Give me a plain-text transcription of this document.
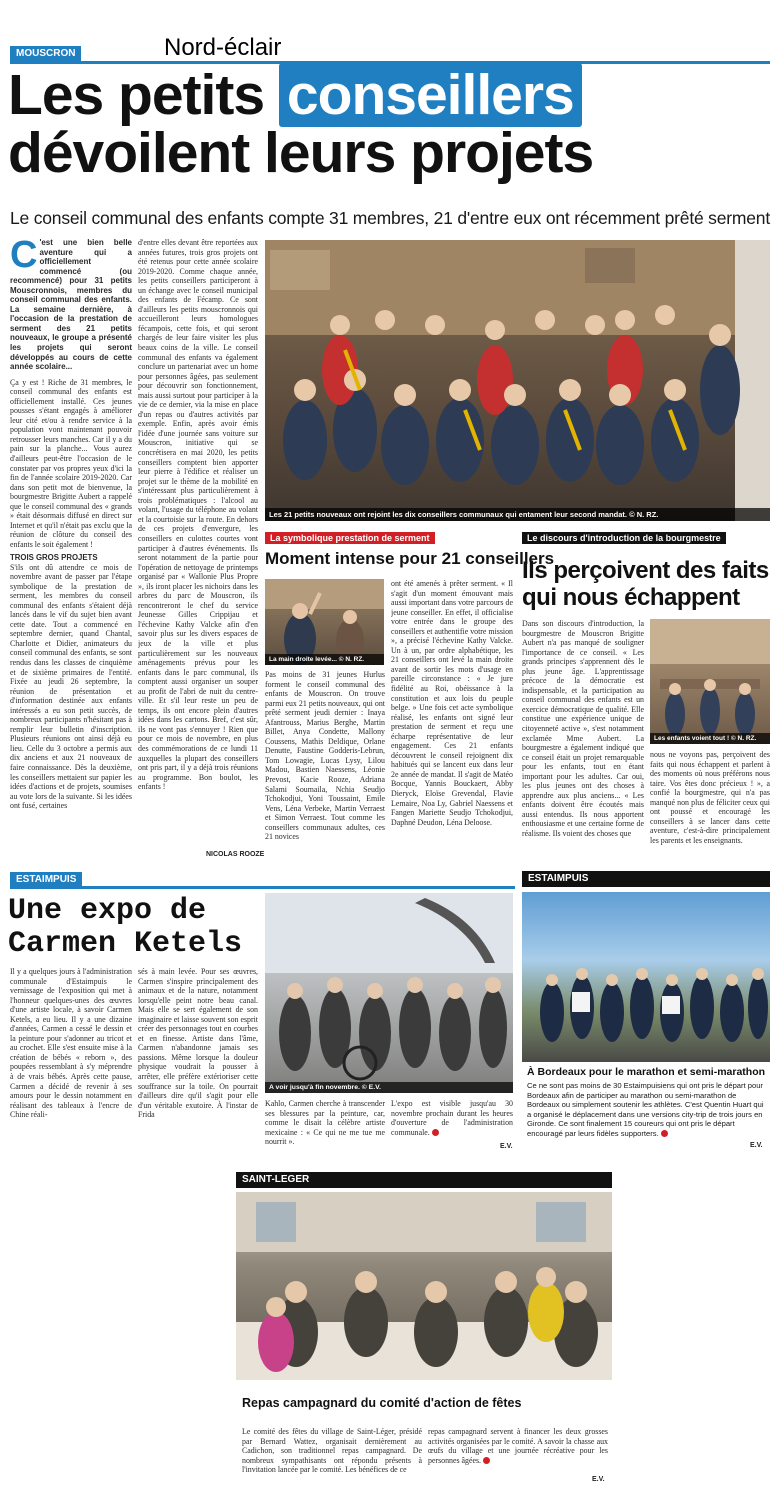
MOUSCRON	Nord-éclair
Les petits conseillers
dévoilent leurs projets
Le conseil communal des enfants compte 31 membres, 21 d'entre eux ont récemment prêté serment

C 'est une bien belle aventure qui a officiellement commencé (ou recommencé) pour 31 petits Mouscronnois, membres du conseil communal des enfants. La semaine dernière, à l'occasion de la prestation de serment des 21 petits nouveaux, le groupe a présenté les projets qui seront développés au cours de cette année scolaire...

Ça y est ! Riche de 31 membres, le conseil communal des enfants est officiellement installé. Ces jeunes pousses s'étant engagés à améliorer leur cité et/ou à rendre service à la population vont maintenant pouvoir retrousser leurs manches. Car il y a du pain sur la planche... Vous aurez d'ailleurs peut-être l'occasion de le constater par vos propres yeux d'ici la fin de l'année scolaire 2019-2020. Car dans son petit mot de bienvenue, la bourgmestre Brigitte Aubert a rappelé que le conseil communal des « grands » était désormais diffusé en direct sur Internet et qu'il n'était pas exclu que la réunion de clôture du conseil des enfants le soit également !

TROIS GROS PROJETS

S'ils ont dû attendre ce mois de novembre avant de passer par l'étape symbolique de la prestation de serment, les membres du conseil communal des enfants s'étaient déjà lancés dans le vif du sujet bien avant cette date. Tout a commencé en septembre dernier, quand Chantal, Charlotte et Didier, animateurs du conseil communal des enfants, se sont rendus dans les classes de cinquième et de sixième primaires de l'entité. Fixée au jeudi 26 septembre, la réunion de présentation et d'information destinée aux enfants intéressés a eu son petit succès, de nombreux participants n'hésitant pas à remplir leur bulletin d'inscription. Plusieurs réunions ont ainsi déjà eu lieu. Celle du 3 octobre a permis aux dix anciens et aux 21 nouveaux de faire connaissance. Dès la deuxième, les conseillers mettaient sur papier les idées d'actions et de projets, soumises au vote lors de la suivante. Si les idées ont fusé, certaines

d'entre elles devant être reportées aux années futures, trois gros projets ont été retenus pour cette année scolaire 2019-2020. Comme chaque année, les petits conseillers participeront à un échange avec le conseil municipal des enfants de Fécamp. Ce sont d'ailleurs les petits mouscronnois qui accueilleront leurs homologues fécampois, cette fois, et qui seront chargés de leur faire visiter les plus beaux coins de la ville. Le conseil communal des enfants va également conclure un partenariat avec un home pour personnes âgées, pas seulement pour découvrir son fonctionnement, mais aussi surtout pour participer à la vie de ce dernier, via la mise en place d'un repas ou d'autres activités par exemple. Enfin, après avoir émis l'idée d'une journée sans voiture sur Mouscron, initiative qui se concrétisera en mai 2020, les petits conseillers comptent bien apporter leur pierre à l'édifice et réaliser un projet sur le thème de la mobilité en s'intéressant plus particulièrement à trois problématiques : l'alcool au volant, l'usage du téléphone au volant et la courtoisie sur la route. En dehors de ces projets d'envergure, les conseillers en culottes courtes vont participer à d'autres événements. Ils seront notamment de la partie pour l'opération de nettoyage de printemps organisé par « Wallonie Plus Propre », ils iront placer les nichoirs dans les arbres du parc de Mouscron, ils rencontreront le chef du service Jeunesse Gilles Crippijau et l'échevine Kathy Valcke afin d'en savoir plus sur les divers espaces de jeux de la ville et plus particulièrement sur les nouveaux aménagements prévus pour les enfants dans le parc communal, ils comptent aussi organiser un souper au profit de l'abri de nuit du centre-ville. Et s'il leur reste un peu de temps, ils ont encore plein d'autres idées dans les cartons. Bref, c'est sûr, ils ne vont pas s'ennuyer ! Rien que pour ce mois de novembre, en plus des commémorations de ce lundi 11 auxquelles la plupart des conseillers ont pris part, il y a déjà trois réunions au programme. Bon boulot, les enfants !

NICOLAS ROOZE
Les 21 petits nouveaux ont rejoint les dix conseillers communaux qui entament leur second mandat. © N. RZ.
La symbolique prestation de serment
Moment intense pour 21 conseillers
La main droite levée... © N. RZ.

Pas moins de 31 jeunes Hurlus forment le conseil communal des enfants de Mouscron. On trouve parmi eux 21 petits nouveaux, qui ont prêté serment jeudi dernier : Inaya Afantrouss, Marius Berghe, Martin Billet, Anya Condette, Mallony Coussens, Mathis Deldique, Orlane Denutte, Faustine Godderis-Lebrun, Tom Lowagie, Lucas Lysy, Lilou Madou, Bastien Naessens, Léonie Prevost, Kacie Rooze, Adriana Salami Soumaila, Nchia Seudjo Tchokodjui, Yoni Toussaint, Emile Vens, Léna Verbeke, Martin Verraest et Simon Verraest. Tout comme les conseillers communaux adultes, ces 21 novices

ont été amenés à prêter serment. « Il s'agit d'un moment émouvant mais aussi important dans votre parcours de jeune conseiller. En effet, il officialise votre entrée dans le groupe des conseillers et authentifie votre mission », a précisé l'échevine Kathy Valcke. Un à un, par ordre alphabétique, les 21 conseillers ont levé la main droite avant de sortir les mots d'usage en pareille circonstance : « Je jure fidélité au Roi, obéissance à la constitution et aux lois du peuple belge. » Une fois cet acte symbolique réalisé, les enfants ont signé leur prestation de serment et reçu une écharpe représentative de leur engagement. Ces 21 enfants découvrent le conseil rejoignent dix habitués qui se lancent eux dans leur 2e année de mandat. Il s'agit de Matéo Bocque, Yannis Bouckaert, Abby Dieryck, Eloïse Grevendal, Flavie Lemaire, Noa Ly, Gabriel Naessens et Fangen Mariette Seudjo Tchokodjui, Daphné Deudon, Léna Deloose.

Le discours d'introduction de la bourgmestre
Ils perçoivent des faits qui nous échappent

Dans son discours d'introduction, la bourgmestre de Mouscron Brigitte Aubert n'a pas manqué de souligner l'importance de ce conseil. « Les grands principes s'apprennent dès le plus jeune âge. L'apprentissage précoce de la démocratie est indispensable, et la participation au conseil communal des enfants est un exercice démocratique de qualité. Elle constitue une expérience unique de citoyenneté active », s'est notamment exclamée Mme Aubert. La bourgmestre a également indiqué que ce conseil était un projet remarquable pour les enfants, tout en étant important pour les adultes. Car oui, les plus jeunes ont des choses à apprendre aux plus anciens... « Les enfants doivent être écoutés mais aussi entendus. Ils nous apportent enthousiasme et une certaine forme de réalisme. Ils voient des choses que

Les enfants voient tout ! © N. RZ.

nous ne voyons pas, perçoivent des faits qui nous échappent et parlent à des moments où nous préférons nous taire. Vos êtes donc précieux ! », a confié la bourgmestre, qui n'a pas manqué non plus de féliciter ceux qui ont poussé et encouragé les conseillers à se lancer dans cette aventure, c'est-à-dire principalement les parents et les enseignants.

ESTAIMPUIS
Une expo de Carmen Ketels

Il y a quelques jours à l'administration communale d'Estaimpuis le vernissage de l'exposition qui met à l'honneur quelques-unes des œuvres d'une artiste locale, à savoir Carmen Ketels, a eu lieu. Il y a une dizaine d'années, Carmen a cessé le dessin et la peinture pour s'adonner au tricot et au crochet. Elle s'est ensuite mise à la création de bébés « reborn », des poupées ressemblant à s'y méprendre à de vrais bébés. Après cette pause, Carmen a décidé de revenir à ses amours pour le dessin notamment en réalisant des tableaux à l'encre de Chine réali-

sés à main levée. Pour ses œuvres, Carmen s'inspire principalement des animaux et de la nature, notamment lorsqu'elle peint notre beau canal. Mais elle se sert également de son imaginaire et laisse souvent son esprit créer des personnages tout en courbes et en finesse. Artiste dans l'âme, Carmen n'abandonne jamais ses passions. Même lorsque la douleur physique voudrait la pousser à arrêter, elle préfère extérioriser cette souffrance sur la toile. On pourrait d'ailleurs dire qu'il s'agit pour elle d'un véritable exutoire. À l'instar de Frida

A voir jusqu'à fin novembre. © E.V.

Kahlo, Carmen cherche à transcender ses blessures par la peinture, car, comme le disait la célèbre artiste mexicaine : « Ce qui ne me tue me nourrit ».

L'expo est visible jusqu'au 30 novembre prochain durant les heures d'ouverture de l'administration communale.

E.V.
ESTAIMPUIS
À Bordeaux pour le marathon et semi-marathon
Ce ne sont pas moins de 30 Estaimpuisiens qui ont pris le départ pour Bordeaux afin de participer au marathon ou semi-marathon de Bordeaux ou simplement soutenir les athlètes. C'est Quentin Huart qui a organisé le déplacement dans une versions city-trip de trois jours en Gironde. Ce sont finalement 15 coureurs qui ont pris le départ encouragé par leurs fidèles supporters.
E.V.
SAINT-LEGER
Repas campagnard du comité d'action de fêtes

Le comité des fêtes du village de Saint-Léger, présidé par Bernard Wattez, organisait dernièrement au Cadichon, son traditionnel repas campagnard. De nombreux sympathisants ont répondu présents à l'invitation lancée par le comité. Les bénéfices de ce

repas campagnard servent à financer les deux grosses activités organisées par le comité. A savoir la chasse aux œufs du village et une journée récréative pour les personnes âgées.

E.V.
